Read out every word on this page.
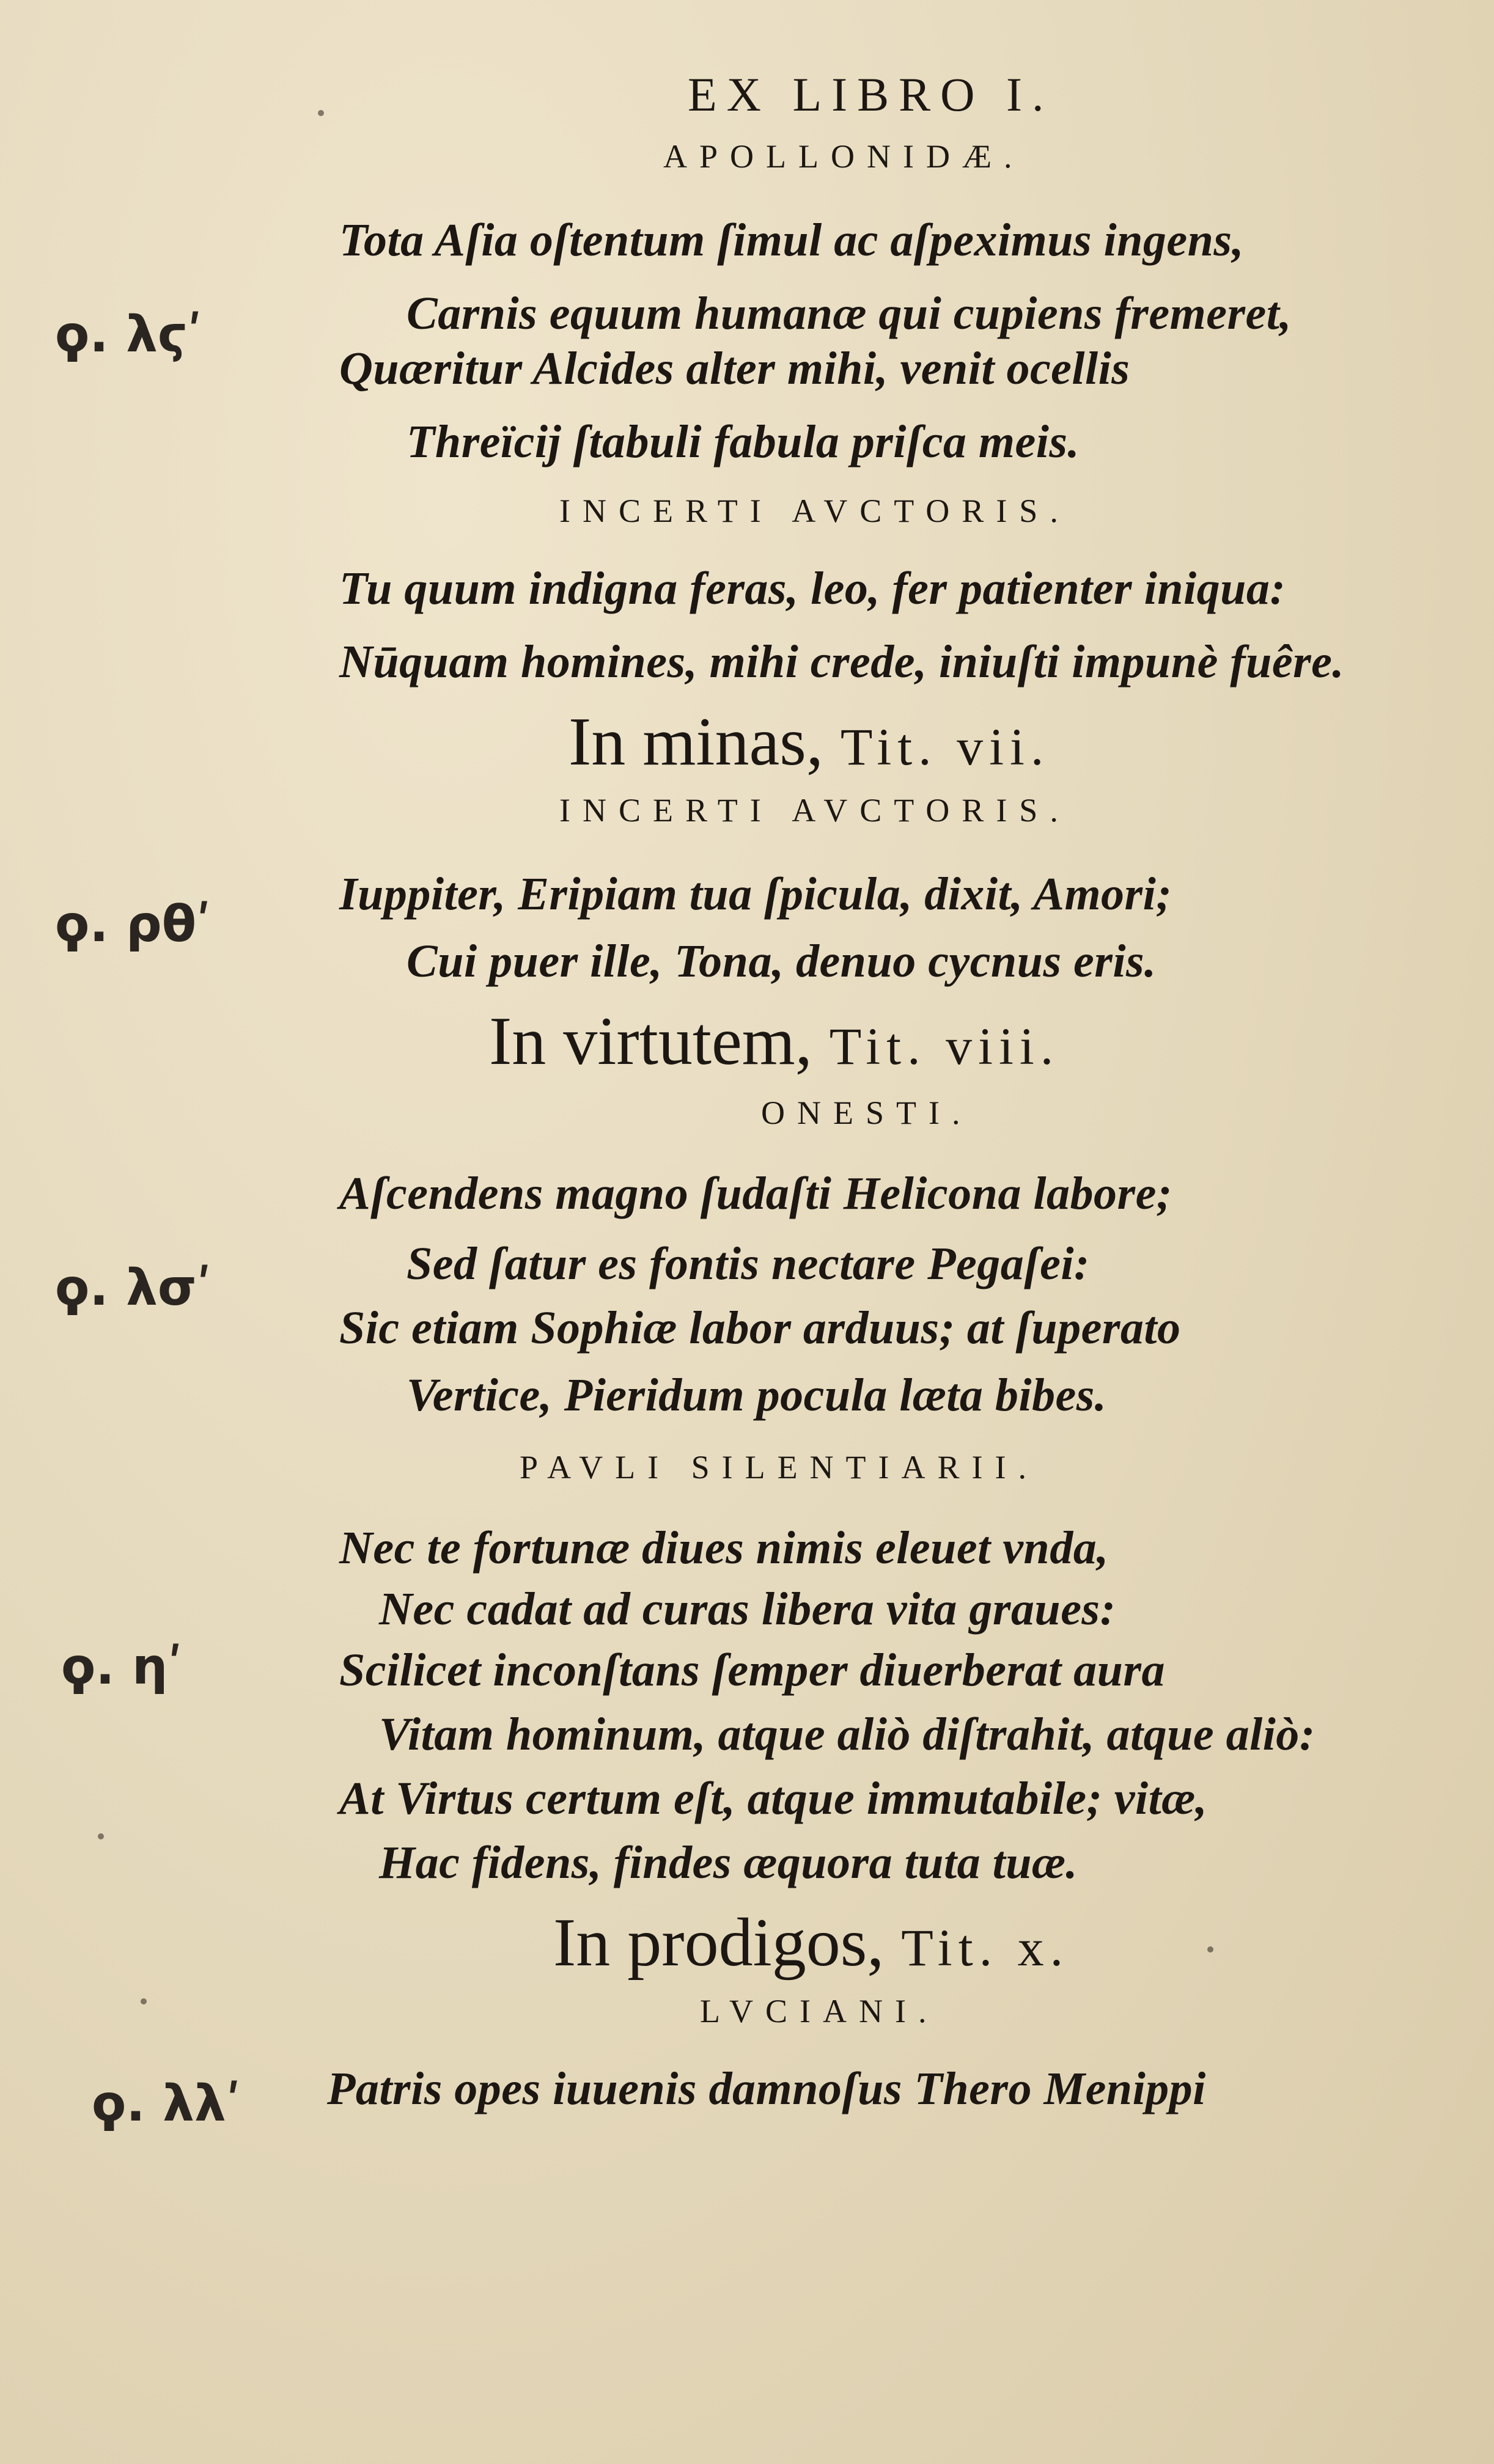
EX LIBRO I.
APOLLONIDÆ.
Tota Aſia oſtentum ſimul ac aſpeximus ingens,
Carnis equum humanæ qui cupiens fremeret,
Quæritur Alcides alter mihi, venit ocellis
Threïcij ſtabuli fabula priſca meis.
INCERTI AVCTORIS.
Tu quum indigna feras, leo, fer patienter iniqua:
Nūquam homines, mihi crede, iniuſti impunè fuêre.
In minas, Tit. vii.
INCERTI AVCTORIS.
Iuppiter, Eripiam tua ſpicula, dixit, Amori;
Cui puer ille, Tona, denuo cycnus eris.
In virtutem, Tit. viii.
ONESTI.
Aſcendens magno ſudaſti Helicona labore;
Sed ſatur es fontis nectare Pegaſei:
Sic etiam Sophiæ labor arduus; at ſuperato
Vertice, Pieridum pocula læta bibes.
PAVLI SILENTIARII.
Nec te fortunæ diues nimis eleuet vnda,
Nec cadat ad curas libera vita graues:
Scilicet inconſtans ſemper diuerberat aura
Vitam hominum, atque aliò diſtrahit, atque aliò:
At Virtus certum eſt, atque immutabile; vitæ,
Hac fidens, findes æquora tuta tuæ.
In prodigos, Tit. x.
LVCIANI.
Patris opes iuuenis damnoſus Thero Menippi
ϙ. λϛʹ
ϙ. ρθʹ
ϙ. λσʹ
ϙ. ηʹ
ϙ. λλʹ
